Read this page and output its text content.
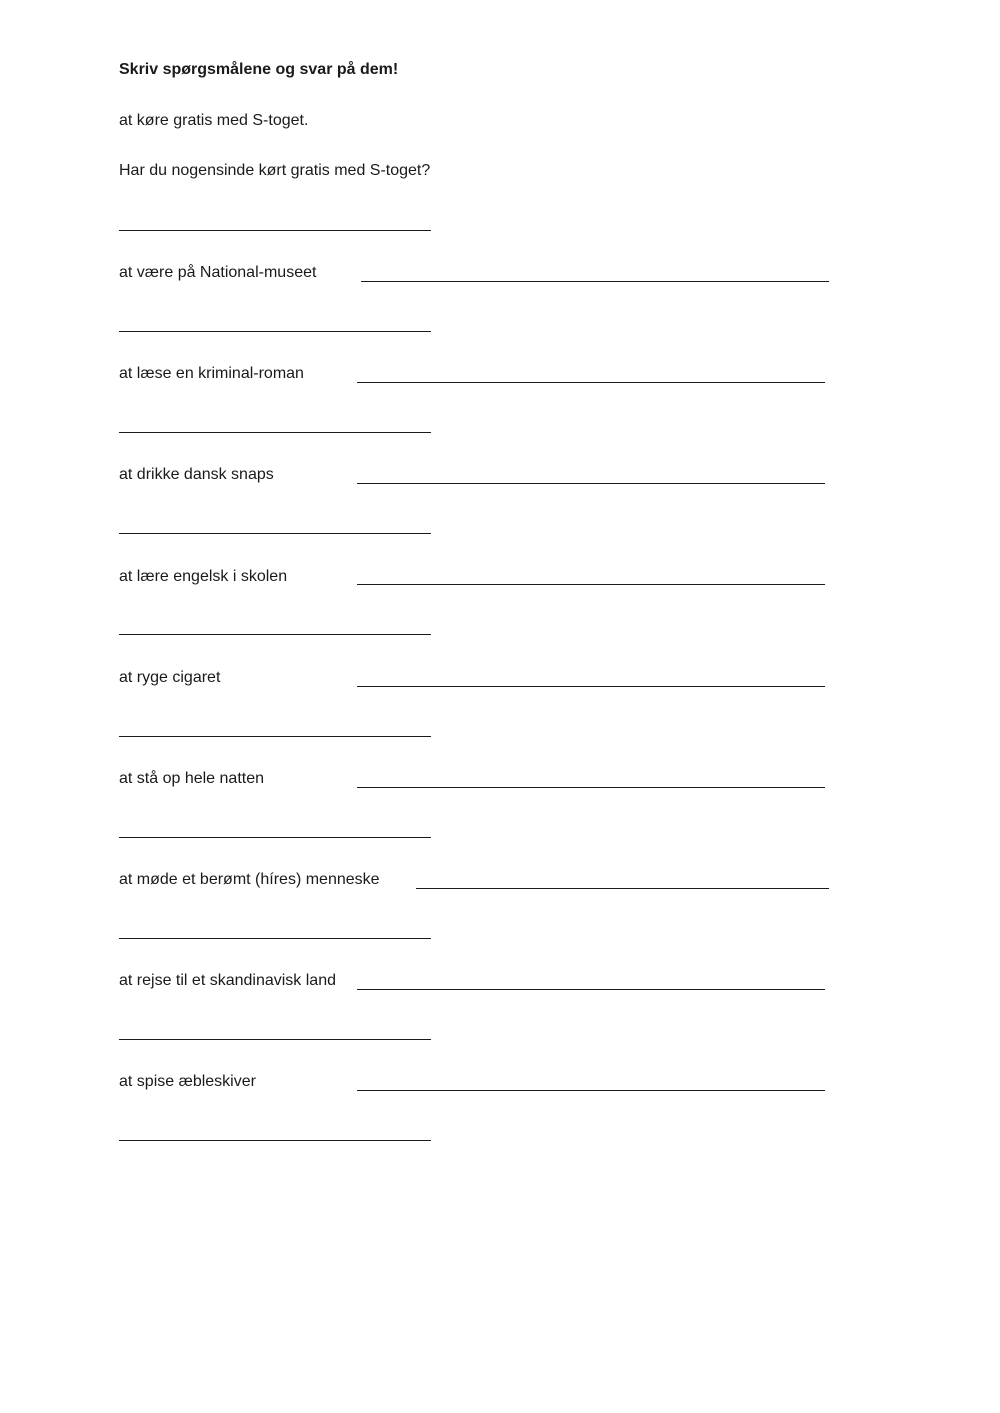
Skriv spørgsmålene og svar på dem!
at køre gratis med S-toget.
Har du nogensinde kørt gratis med S-toget?
at være på National-museet
at læse en kriminal-roman
at drikke dansk snaps
at lære engelsk i skolen
at ryge cigaret
at stå op hele natten
at møde et berømt (híres) menneske
at rejse til et skandinavisk land
at spise æbleskiver
